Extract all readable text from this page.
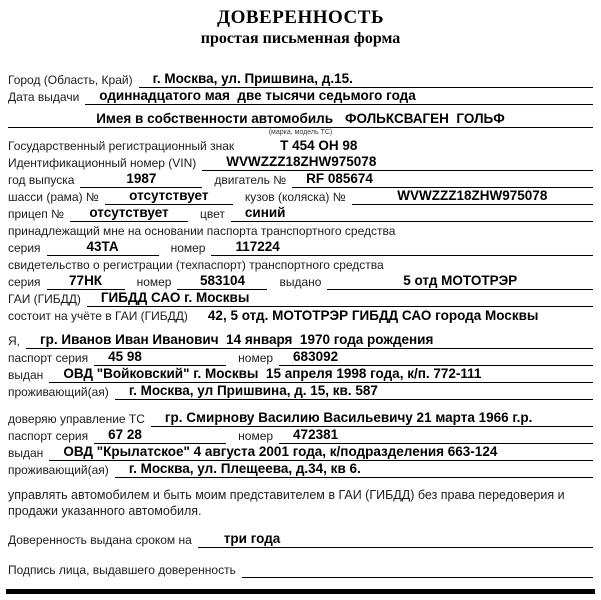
ДОВЕРЕННОСТЬ
простая письменная форма
Город (Область, Край)	г. Москва, ул. Пришвина, д.15.
Дата выдачи	одиннадцатого мая  две тысячи седьмого года
Имея в собственности автомобиль ФОЛЬКСВАГЕН  ГОЛЬФ
(марка, модель ТС)
Государственный регистрационный знак	Т 454 ОН 98
Идентификационный номер (VIN)	WVWZZZ18ZHW975078
год выпуска	1987	двигатель №	RF 085674
шасси (рама) №	отсутствует	кузов (коляска) №	WVWZZZ18ZHW975078
прицеп №	отсутствует	цвет	синий
принадлежащий мне на основании паспорта транспортного средства
серия	43ТА	номер	117224
свидетельство о регистрации (техпаспорт) транспортного средства
серия	77НК	номер	583104	выдано	5 отд МОТОТРЭР
ГАИ (ГИБДД)	ГИБДД САО г. Москвы
состоит на учёте в ГАИ (ГИБДД)	42, 5 отд. МОТОТРЭР ГИБДД САО города Москвы
Я,	гр. Иванов Иван Иванович  14 января  1970 года рождения
паспорт серия	45 98	номер	683092
выдан	ОВД "Войковский" г. Москвы  15 апреля 1998 года, к/п. 772-111
проживающий(ая)	г. Москва, ул Пришвина, д. 15, кв. 587
доверяю управление ТС	гр. Смирнову Василию Васильевичу 21 марта 1966 г.р.
паспорт серия	67 28	номер	472381
выдан	ОВД "Крылатское" 4 августа 2001 года, к/подразделения 663-124
проживающий(ая)	г. Москва, ул. Плещеева, д.34, кв 6.
управлять автомобилем и быть моим представителем в ГАИ (ГИБДД) без права передоверия и продажи указанного автомобиля.
Доверенность выдана сроком на	три года
Подпись лица, выдавшего доверенность
